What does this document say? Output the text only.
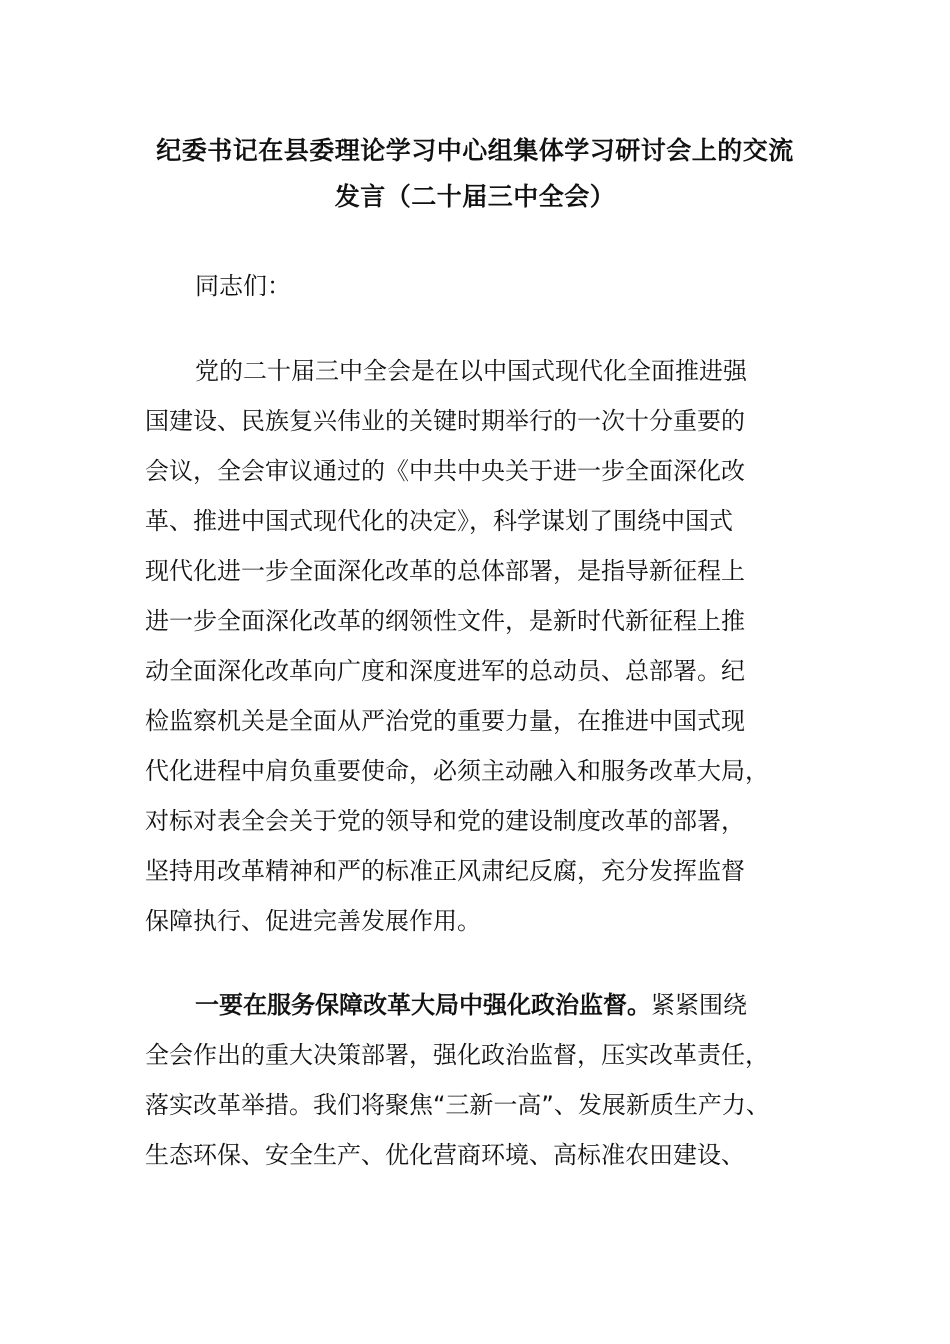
纪委书记在县委理论学习中心组集体学习研讨会上的交流
发言（二十届三中全会）
同志们：
党的二十届三中全会是在以中国式现代化全面推进强
国建设、民族复兴伟业的关键时期举行的一次十分重要的
会议，全会审议通过的《中共中央关于进一步全面深化改
革、推进中国式现代化的决定》，科学谋划了围绕中国式
现代化进一步全面深化改革的总体部署，是指导新征程上
进一步全面深化改革的纲领性文件，是新时代新征程上推
动全面深化改革向广度和深度进军的总动员、总部署。纪
检监察机关是全面从严治党的重要力量，在推进中国式现
代化进程中肩负重要使命，必须主动融入和服务改革大局，
对标对表全会关于党的领导和党的建设制度改革的部署，
坚持用改革精神和严的标准正风肃纪反腐，充分发挥监督
保障执行、促进完善发展作用。
一要在服务保障改革大局中强化政治监督。紧紧围绕
全会作出的重大决策部署，强化政治监督，压实改革责任，
落实改革举措。我们将聚焦“三新一高”、发展新质生产力、
生态环保、安全生产、优化营商环境、高标准农田建设、
